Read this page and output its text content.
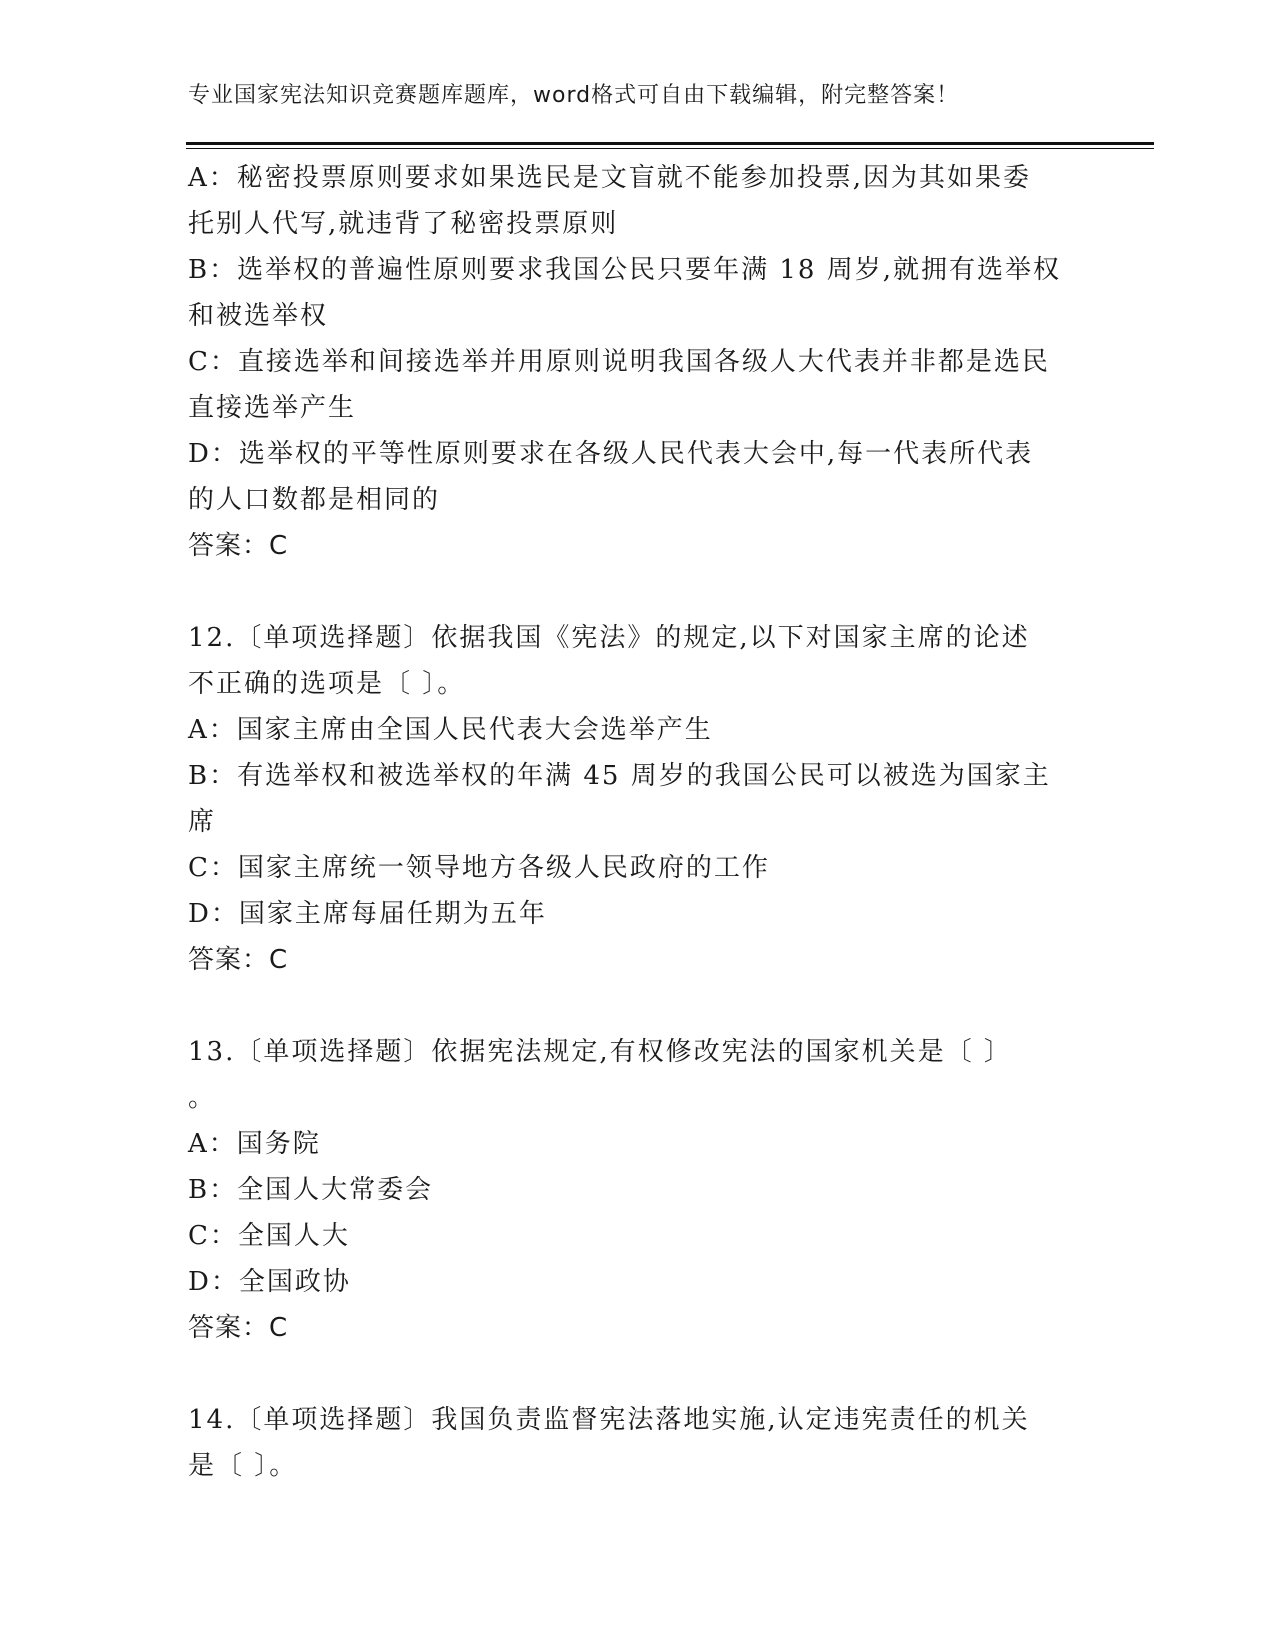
专业国家宪法知识竞赛题库题库，word格式可自由下载编辑，附完整答案！
A：秘密投票原则要求如果选民是文盲就不能参加投票,因为其如果委
托别人代写,就违背了秘密投票原则
B：选举权的普遍性原则要求我国公民只要年满 18 周岁,就拥有选举权
和被选举权
C：直接选举和间接选举并用原则说明我国各级人大代表并非都是选民
直接选举产生
D：选举权的平等性原则要求在各级人民代表大会中,每一代表所代表
的人口数都是相同的
答案：C
12.〔单项选择题〕依据我国《宪法》的规定,以下对国家主席的论述
不正确的选项是〔 〕。
A：国家主席由全国人民代表大会选举产生
B：有选举权和被选举权的年满 45 周岁的我国公民可以被选为国家主
席
C：国家主席统一领导地方各级人民政府的工作
D：国家主席每届任期为五年
答案：C
13.〔单项选择题〕依据宪法规定,有权修改宪法的国家机关是〔 〕
。
A：国务院
B：全国人大常委会
C：全国人大
D：全国政协
答案：C
14.〔单项选择题〕我国负责监督宪法落地实施,认定违宪责任的机关
是〔 〕。
